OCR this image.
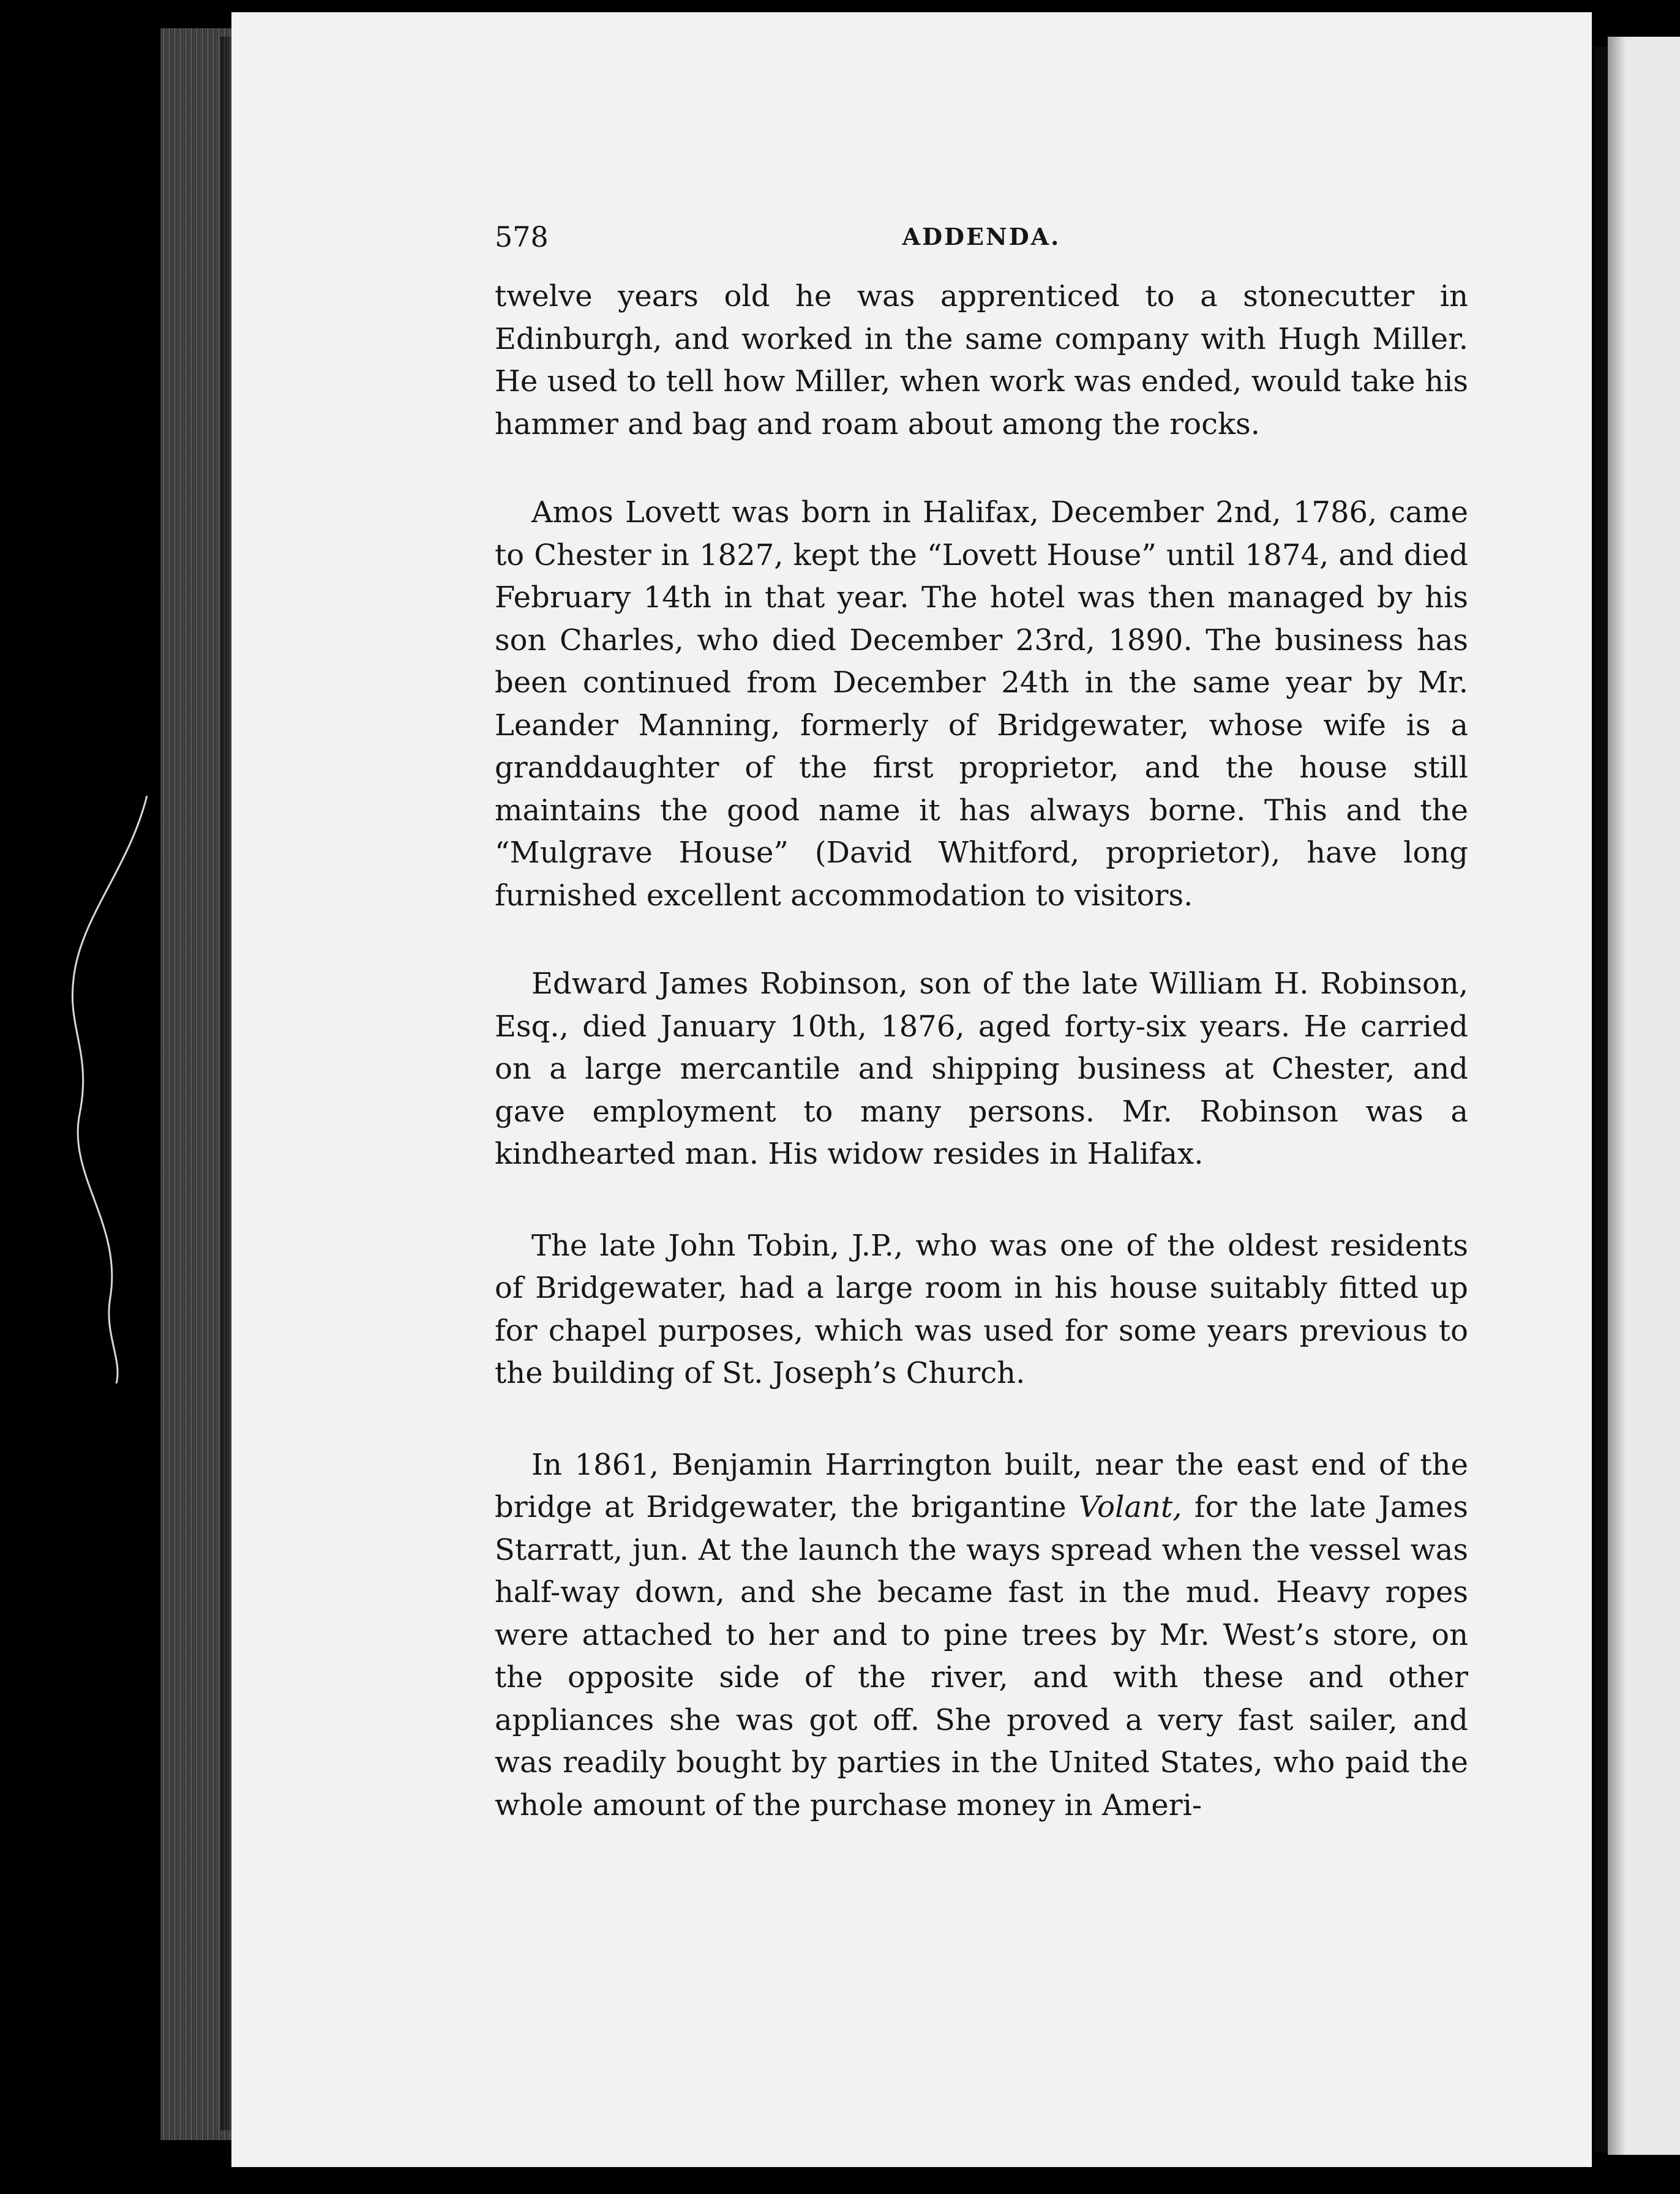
578	ADDENDA.

twelve years old he was apprenticed to a stonecutter in Edinburgh, and worked in the same company with Hugh Miller. He used to tell how Miller, when work was ended, would take his hammer and bag and roam about among the rocks.

Amos Lovett was born in Halifax, December 2nd, 1786, came to Chester in 1827, kept the “Lovett House” until 1874, and died February 14th in that year. The hotel was then managed by his son Charles, who died December 23rd, 1890. The business has been continued from December 24th in the same year by Mr. Leander Manning, formerly of Bridgewater, whose wife is a granddaughter of the first proprietor, and the house still maintains the good name it has always borne. This and the “Mulgrave House” (David Whitford, proprietor), have long furnished excellent accommodation to visitors.

Edward James Robinson, son of the late William H. Robinson, Esq., died January 10th, 1876, aged forty-six years. He carried on a large mercantile and shipping business at Chester, and gave employment to many persons. Mr. Robinson was a kindhearted man. His widow resides in Halifax.

The late John Tobin, J.P., who was one of the oldest residents of Bridgewater, had a large room in his house suitably fitted up for chapel purposes, which was used for some years previous to the building of St. Joseph’s Church.

In 1861, Benjamin Harrington built, near the east end of the bridge at Bridgewater, the brigantine Volant, for the late James Starratt, jun. At the launch the ways spread when the vessel was half-way down, and she became fast in the mud. Heavy ropes were attached to her and to pine trees by Mr. West’s store, on the opposite side of the river, and with these and other appliances she was got off. She proved a very fast sailer, and was readily bought by parties in the United States, who paid the whole amount of the purchase money in Ameri-
